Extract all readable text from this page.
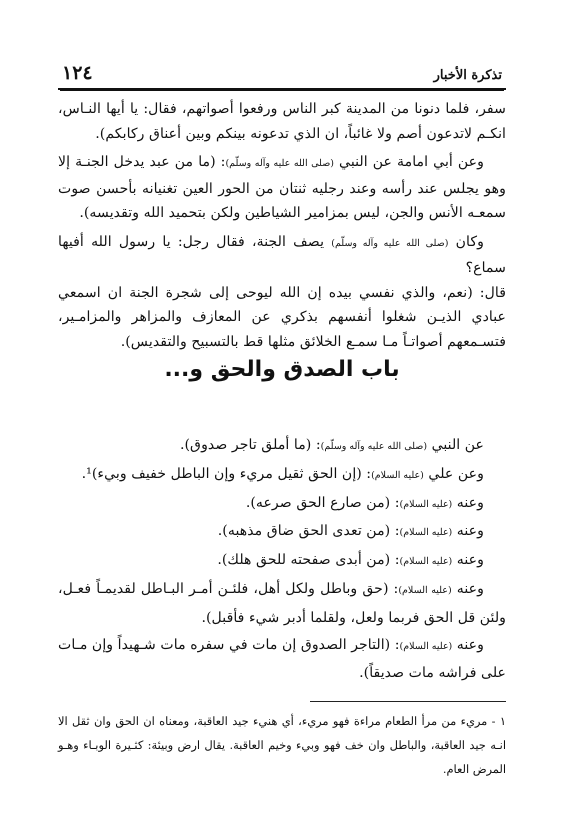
تذكرة الأخبار
١٢٤

سفر، فلما دنونا من المدينة كبر الناس ورفعوا أصواتهم، فقال: يا أيها النـاس، انكـم لاتدعون أصم ولا غائباً، ان الذي تدعونه بينكم وبين أعناق ركابكم).

وعن أبي امامة عن النبي (صلى الله عليه وآله وسلّم): (ما من عبد يدخل الجنـة إلا وهو يجلس عند رأسه وعند رجليه ثنتان من الحور العين تغنيانه بأحسن صوت سمعـه الأنس والجن، ليس بمزامير الشياطين ولكن بتحميد الله وتقديسه).

وكان (صلى الله عليه وآله وسلّم) يصف الجنة، فقال رجل: يا رسول الله أفيها سماع؟

قال: (نعم، والذي نفسي بيده إن الله ليوحى إلى شجرة الجنة ان اسمعي عبادي الذيـن شغلوا أنفسهم بذكري عن المعازف والمزاهر والمزامـير، فتسـمعهم أصواتـاً مـا سمـع الخلائق مثلها قط بالتسبيح والتقديس).

باب الصدق والحق و...

عن النبي (صلى الله عليه وآله وسلّم): (ما أملق تاجر صدوق).

وعن علي (عليه السلام): (إن الحق ثقيل مريء وإن الباطل خفيف وبيء)¹.

وعنه (عليه السلام): (من صارع الحق صرعه).

وعنه (عليه السلام): (من تعدى الحق ضاق مذهبه).

وعنه (عليه السلام): (من أبدى صفحته للحق هلك).

وعنه (عليه السلام): (حق وباطل ولكل أهل، فلئـن أمـر البـاطل لقديمـاً فعـل، ولئن قل الحق فربما ولعل، ولقلما أدبر شيء فأقبل).

وعنه (عليه السلام): (التاجر الصدوق إن مات في سفره مات شـهيداً وإن مـات على فراشه مات صديقاً).

١ - مريء من مرأ الطعام مراءة فهو مريء، أي هنيء جيد العاقبة، ومعناه ان الحق وان ثقل الا انـه جيد العاقبة، والباطل وان خف فهو وبيء وخيم العاقبة. يقال ارض وبيئة: كثـيرة الوبـاء وهـو المرض العام.
